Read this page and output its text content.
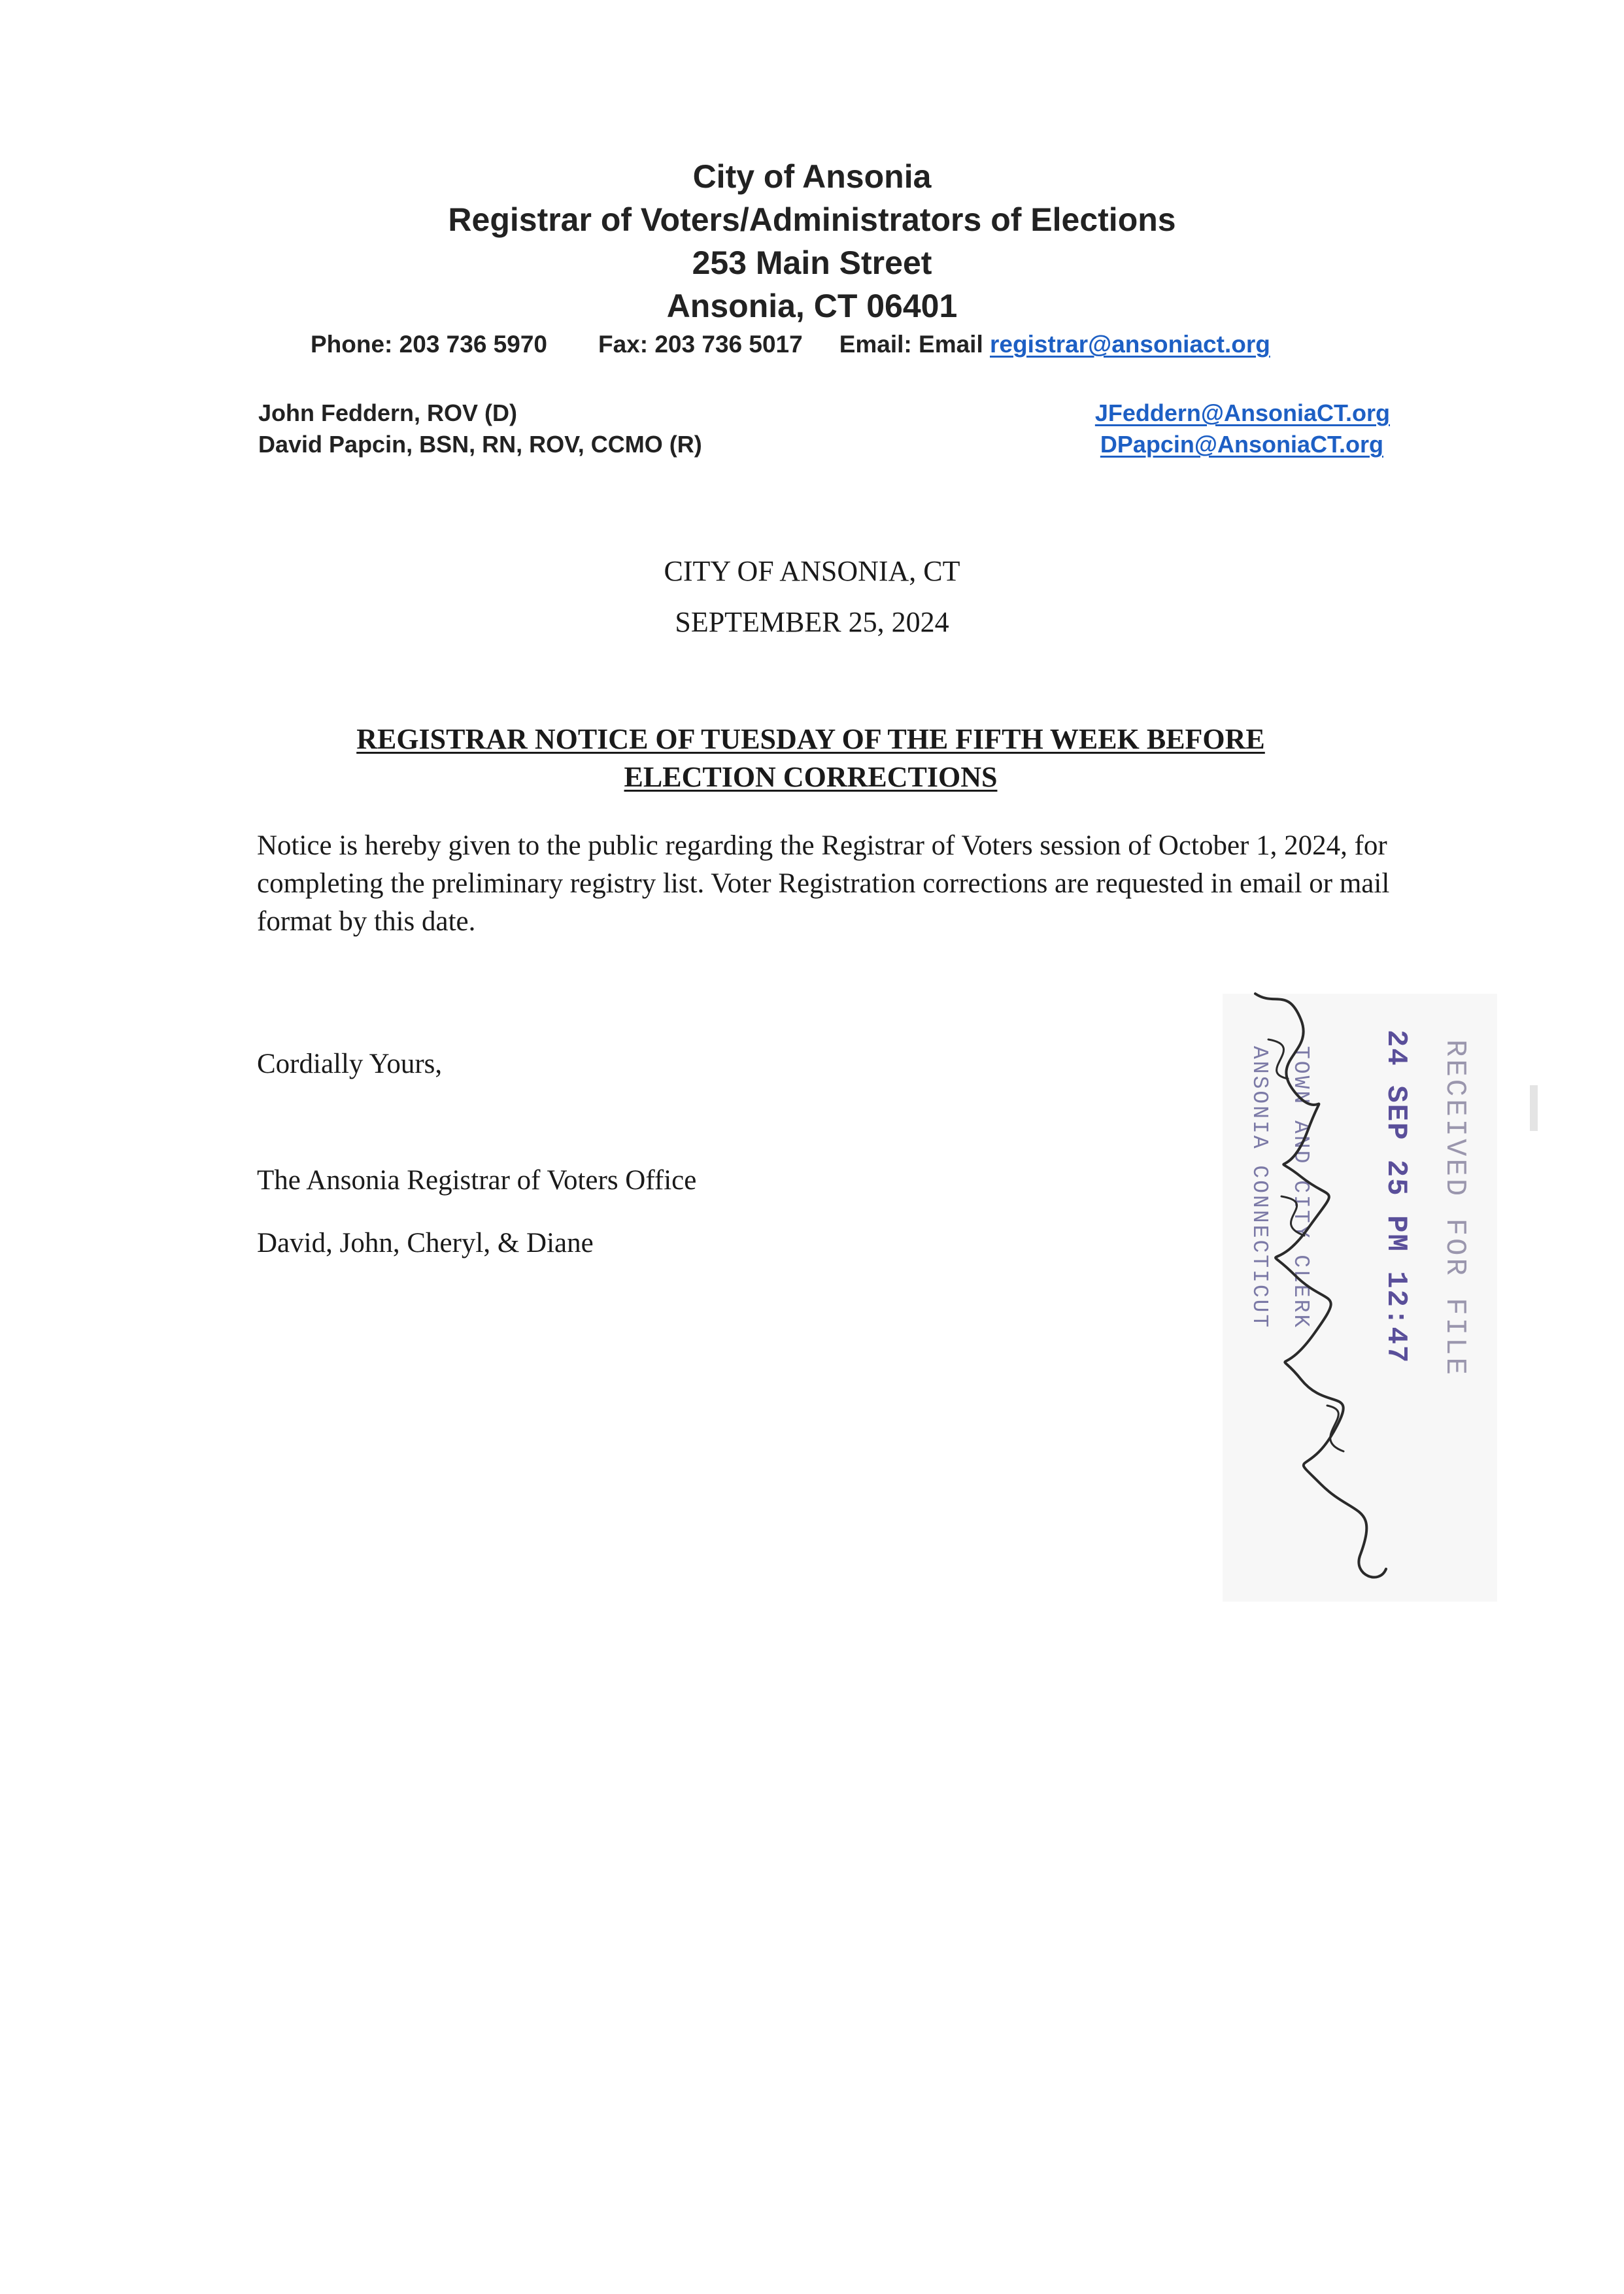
City of Ansonia
Registrar of Voters/Administrators of Elections
253 Main Street
Ansonia, CT 06401
Phone: 203 736 5970 Fax: 203 736 5017 Email: Email registrar@ansoniact.org
John Feddern, ROV (D)
David Papcin, BSN, RN, ROV, CCMO (R)
JFeddern@AnsoniaCT.org
DPapcin@AnsoniaCT.org
CITY OF ANSONIA, CT
SEPTEMBER 25, 2024
REGISTRAR NOTICE OF TUESDAY OF THE FIFTH WEEK BEFORE
ELECTION CORRECTIONS
Notice is hereby given to the public regarding the Registrar of Voters session of October 1, 2024, for completing the preliminary registry list. Voter Registration corrections are requested in email or mail format by this date.
Cordially Yours,
The Ansonia Registrar of Voters Office
David, John, Cheryl, & Diane	RECEIVED FOR FILE
24 SEP 25 PM 12:47
TOWN AND CITY CLERK
ANSONIA CONNECTICUT
